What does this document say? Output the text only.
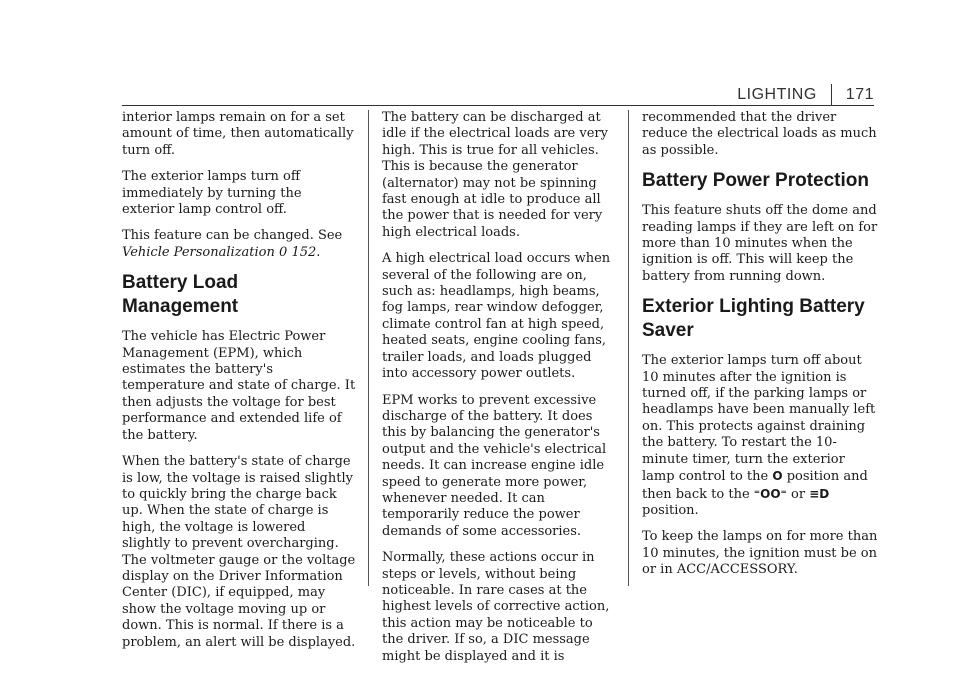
LIGHTING 171

interior lamps remain on for a set amount of time, then automatically turn off.

The exterior lamps turn off immediately by turning the exterior lamp control off.

This feature can be changed. See
Vehicle Personalization 0 152.

Battery Load Management

The vehicle has Electric Power Management (EPM), which estimates the battery's temperature and state of charge. It then adjusts the voltage for best performance and extended life of the battery.

When the battery's state of charge is low, the voltage is raised slightly to quickly bring the charge back up. When the state of charge is high, the voltage is lowered slightly to prevent overcharging. The voltmeter gauge or the voltage display on the Driver Information Center (DIC), if equipped, may show the voltage moving up or down. This is normal. If there is a problem, an alert will be displayed.

The battery can be discharged at idle if the electrical loads are very high. This is true for all vehicles. This is because the generator (alternator) may not be spinning fast enough at idle to produce all the power that is needed for very high electrical loads.

A high electrical load occurs when several of the following are on, such as: headlamps, high beams, fog lamps, rear window defogger, climate control fan at high speed, heated seats, engine cooling fans, trailer loads, and loads plugged into accessory power outlets.

EPM works to prevent excessive discharge of the battery. It does this by balancing the generator's output and the vehicle's electrical needs. It can increase engine idle speed to generate more power, whenever needed. It can temporarily reduce the power demands of some accessories.

Normally, these actions occur in steps or levels, without being noticeable. In rare cases at the highest levels of corrective action, this action may be noticeable to the driver. If so, a DIC message might be displayed and it is

recommended that the driver reduce the electrical loads as much as possible.

Battery Power Protection

This feature shuts off the dome and reading lamps if they are left on for more than 10 minutes when the ignition is off. This will keep the battery from running down.

Exterior Lighting Battery Saver

The exterior lamps turn off about 10 minutes after the ignition is turned off, if the parking lamps or headlamps have been manually left on. This protects against draining the battery. To restart the 10-minute timer, turn the exterior lamp control to the O position and then back to the ⁼OO⁼ or ≡D position.

To keep the lamps on for more than 10 minutes, the ignition must be on or in ACC/ACCESSORY.
